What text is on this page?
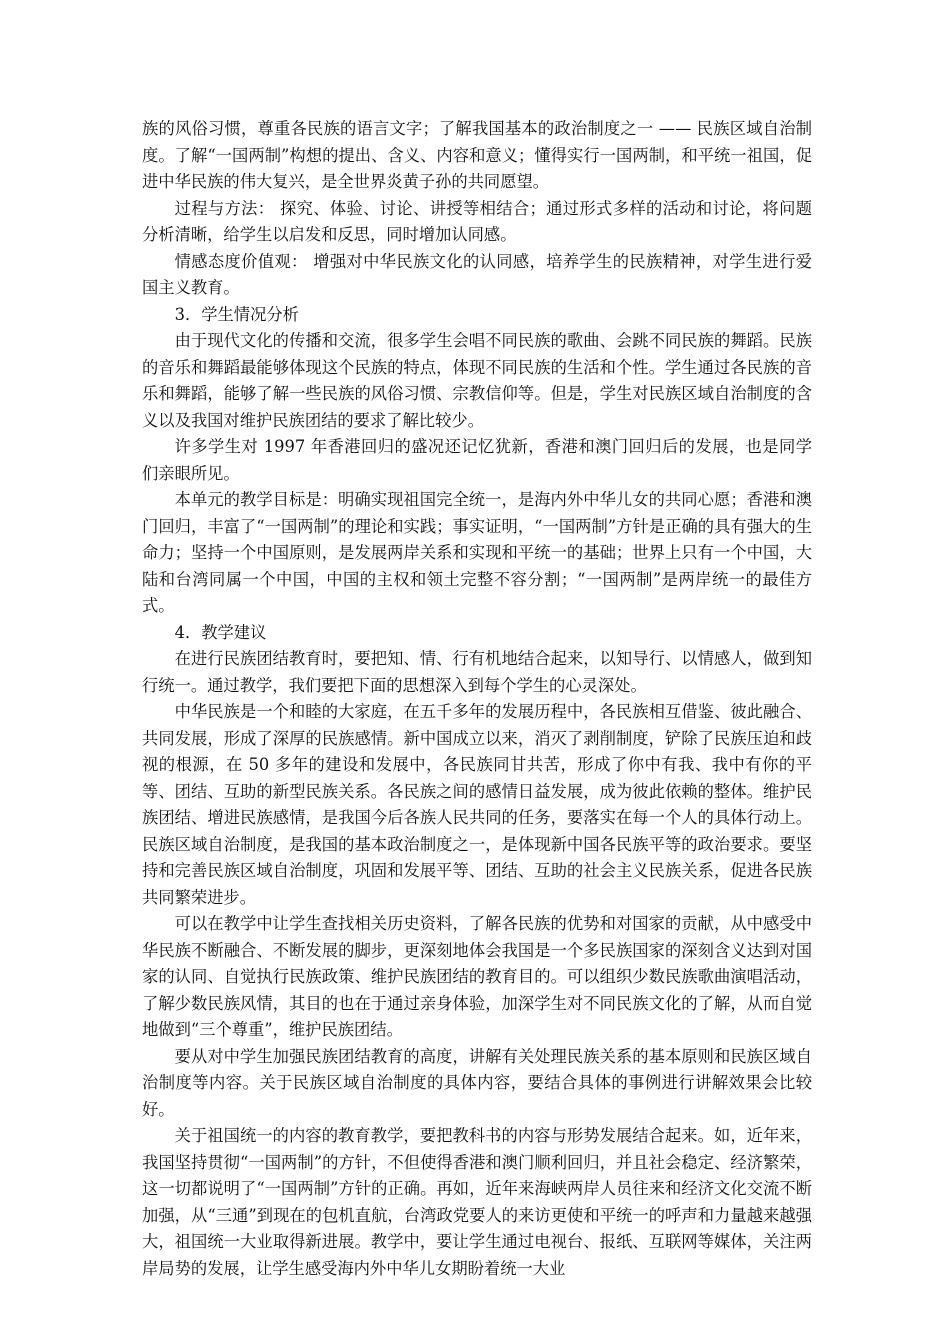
族的风俗习惯，尊重各民族的语言文字；了解我国基本的政治制度之一 —— 民族区域自治制度。了解“一国两制”构想的提出、含义、内容和意义；懂得实行一国两制，和平统一祖国，促进中华民族的伟大复兴，是全世界炎黄子孙的共同愿望。

过程与方法： 探究、体验、讨论、讲授等相结合；通过形式多样的活动和讨论，将问题分析清晰，给学生以启发和反思，同时增加认同感。

情感态度价值观： 增强对中华民族文化的认同感，培养学生的民族精神，对学生进行爱国主义教育。

3．学生情况分析

由于现代文化的传播和交流，很多学生会唱不同民族的歌曲、会跳不同民族的舞蹈。民族的音乐和舞蹈最能够体现这个民族的特点，体现不同民族的生活和个性。学生通过各民族的音乐和舞蹈，能够了解一些民族的风俗习惯、宗教信仰等。但是，学生对民族区域自治制度的含义以及我国对维护民族团结的要求了解比较少。

许多学生对 1997 年香港回归的盛况还记忆犹新，香港和澳门回归后的发展，也是同学们亲眼所见。

本单元的教学目标是：明确实现祖国完全统一，是海内外中华儿女的共同心愿；香港和澳门回归，丰富了“一国两制”的理论和实践；事实证明，“一国两制”方针是正确的具有强大的生命力；坚持一个中国原则，是发展两岸关系和实现和平统一的基础；世界上只有一个中国，大陆和台湾同属一个中国，中国的主权和领土完整不容分割；“一国两制”是两岸统一的最佳方式。

4．教学建议

在进行民族团结教育时，要把知、情、行有机地结合起来，以知导行、以情感人，做到知行统一。通过教学，我们要把下面的思想深入到每个学生的心灵深处。

中华民族是一个和睦的大家庭，在五千多年的发展历程中，各民族相互借鉴、彼此融合、共同发展，形成了深厚的民族感情。新中国成立以来，消灭了剥削制度，铲除了民族压迫和歧视的根源，在 50 多年的建设和发展中，各民族同甘共苦，形成了你中有我、我中有你的平等、团结、互助的新型民族关系。各民族之间的感情日益发展，成为彼此依赖的整体。维护民族团结、增进民族感情，是我国今后各族人民共同的任务，要落实在每一个人的具体行动上。民族区域自治制度，是我国的基本政治制度之一，是体现新中国各民族平等的政治要求。要坚持和完善民族区域自治制度，巩固和发展平等、团结、互助的社会主义民族关系，促进各民族共同繁荣进步。

可以在教学中让学生查找相关历史资料，了解各民族的优势和对国家的贡献，从中感受中华民族不断融合、不断发展的脚步，更深刻地体会我国是一个多民族国家的深刻含义达到对国家的认同、自觉执行民族政策、维护民族团结的教育目的。可以组织少数民族歌曲演唱活动，了解少数民族风情，其目的也在于通过亲身体验，加深学生对不同民族文化的了解，从而自觉地做到“三个尊重”，维护民族团结。

要从对中学生加强民族团结教育的高度，讲解有关处理民族关系的基本原则和民族区域自治制度等内容。关于民族区域自治制度的具体内容，要结合具体的事例进行讲解效果会比较好。

关于祖国统一的内容的教育教学，要把教科书的内容与形势发展结合起来。如，近年来，我国坚持贯彻“一国两制”的方针，不但使得香港和澳门顺利回归，并且社会稳定、经济繁荣，这一切都说明了“一国两制”方针的正确。再如，近年来海峡两岸人员往来和经济文化交流不断加强，从“三通”到现在的包机直航，台湾政党要人的来访更使和平统一的呼声和力量越来越强大，祖国统一大业取得新进展。教学中，要让学生通过电视台、报纸、互联网等媒体，关注两岸局势的发展，让学生感受海内外中华儿女期盼着统一大业
